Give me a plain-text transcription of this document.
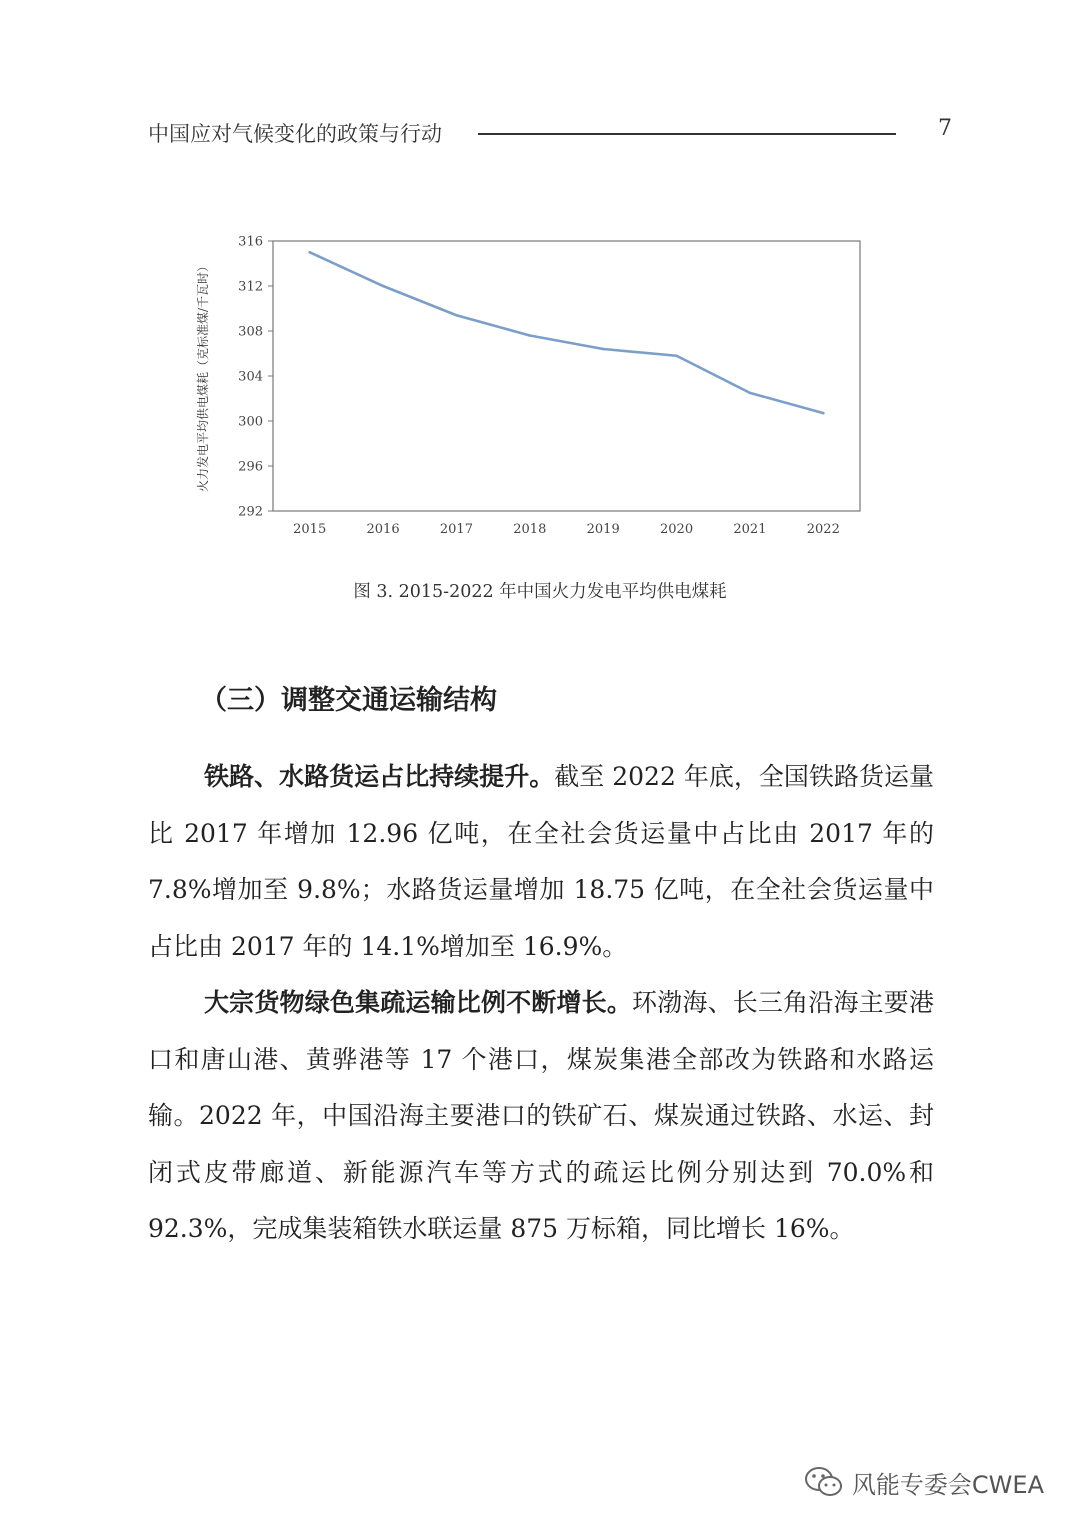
中国应对气候变化的政策与行动	7
292
296
300
304
308
312
316
2015	2016	2017	2018	2019	2020	2021	2022
火力发电平均供电煤耗（克标准煤/千瓦时）
图 3. 2015-2022 年中国火力发电平均供电煤耗
（三）调整交通运输结构

铁路、水路货运占比持续提升。截至 2022 年底，全国铁路货运量比 2017 年增加 12.96 亿吨，在全社会货运量中占比由 2017 年的 7.8%增加至 9.8%；水路货运量增加 18.75 亿吨，在全社会货运量中占比由 2017 年的 14.1%增加至 16.9%。

大宗货物绿色集疏运输比例不断增长。环渤海、长三角沿海主要港口和唐山港、黄骅港等 17 个港口，煤炭集港全部改为铁路和水路运输。2022 年，中国沿海主要港口的铁矿石、煤炭通过铁路、水运、封闭式皮带廊道、新能源汽车等方式的疏运比例分别达到 70.0%和 92.3%，完成集装箱铁水联运量 875 万标箱，同比增长 16%。

风能专委会CWEA
